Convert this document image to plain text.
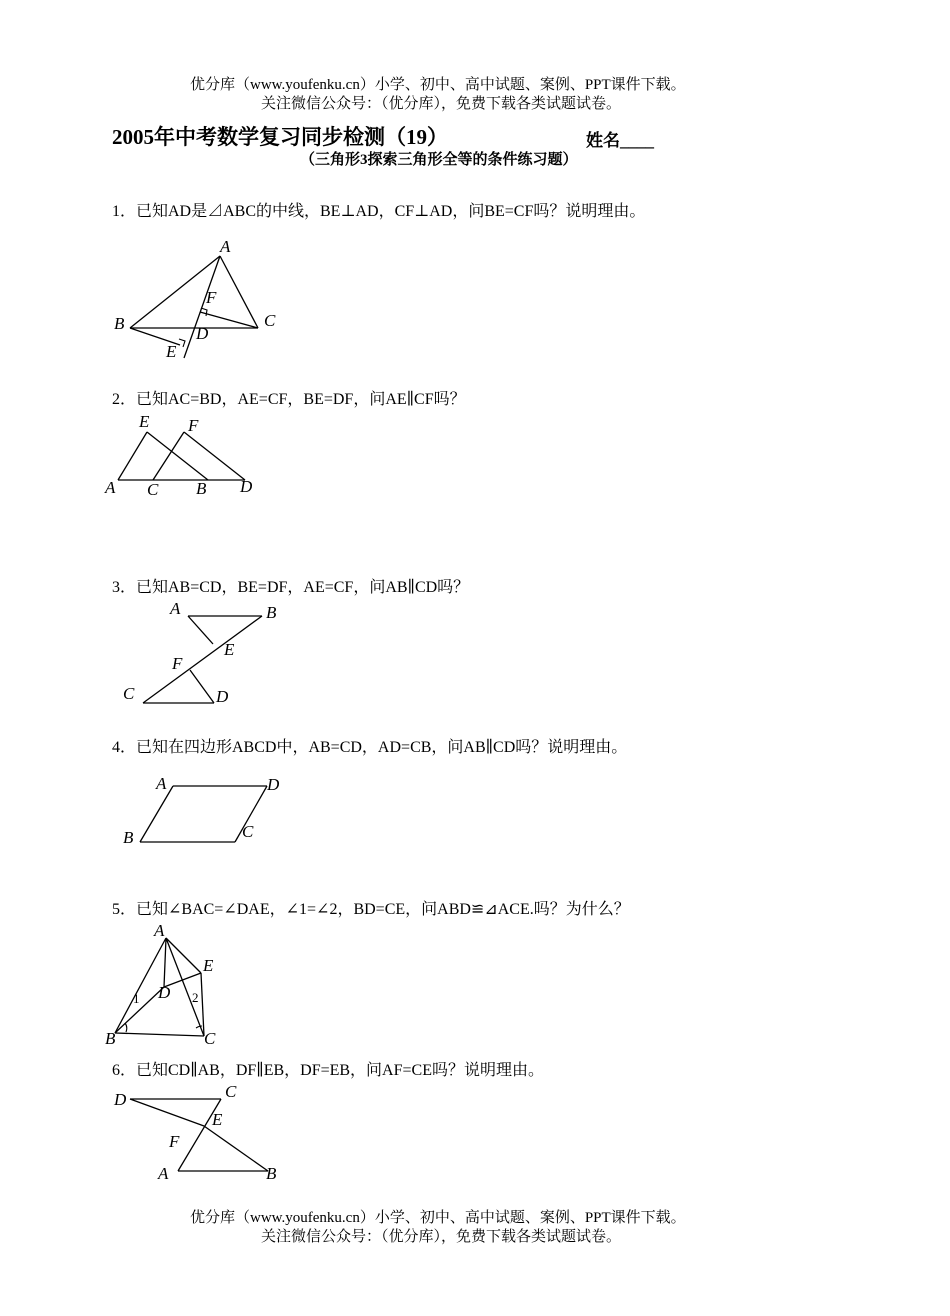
优分库（www.youfenku.cn）小学、初中、高中试题、案例、PPT课件下载。
关注微信公众号：（优分库），免费下载各类试题试卷。
2005年中考数学复习同步检测（19）	姓名____
（三角形3探索三角形全等的条件练习题）
1．已知AD是⊿ABC的中线，BE⊥AD，CF⊥AD，问BE=CF吗？说明理由。
A
B	C
D
E
F
2．已知AC=BD，AE=CF，BE=DF，问AE∥CF吗？
E F
A C B D
3．已知AB=CD，BE=DF，AE=CF，问AB∥CD吗？
A	B
E
F
C	D
4．已知在四边形ABCD中，AB=CD，AD=CB，问AB∥CD吗？说明理由。
A	D
B	C
5．已知∠BAC=∠DAE，∠1=∠2，BD=CE，问ABD≌⊿ACE.吗？为什么？
A
E
D
1	2
B	C
6．已知CD∥AB，DF∥EB，DF=EB，问AF=CE吗？说明理由。
D	C
E
F
A	B
优分库（www.youfenku.cn）小学、初中、高中试题、案例、PPT课件下载。
关注微信公众号：（优分库），免费下载各类试题试卷。
